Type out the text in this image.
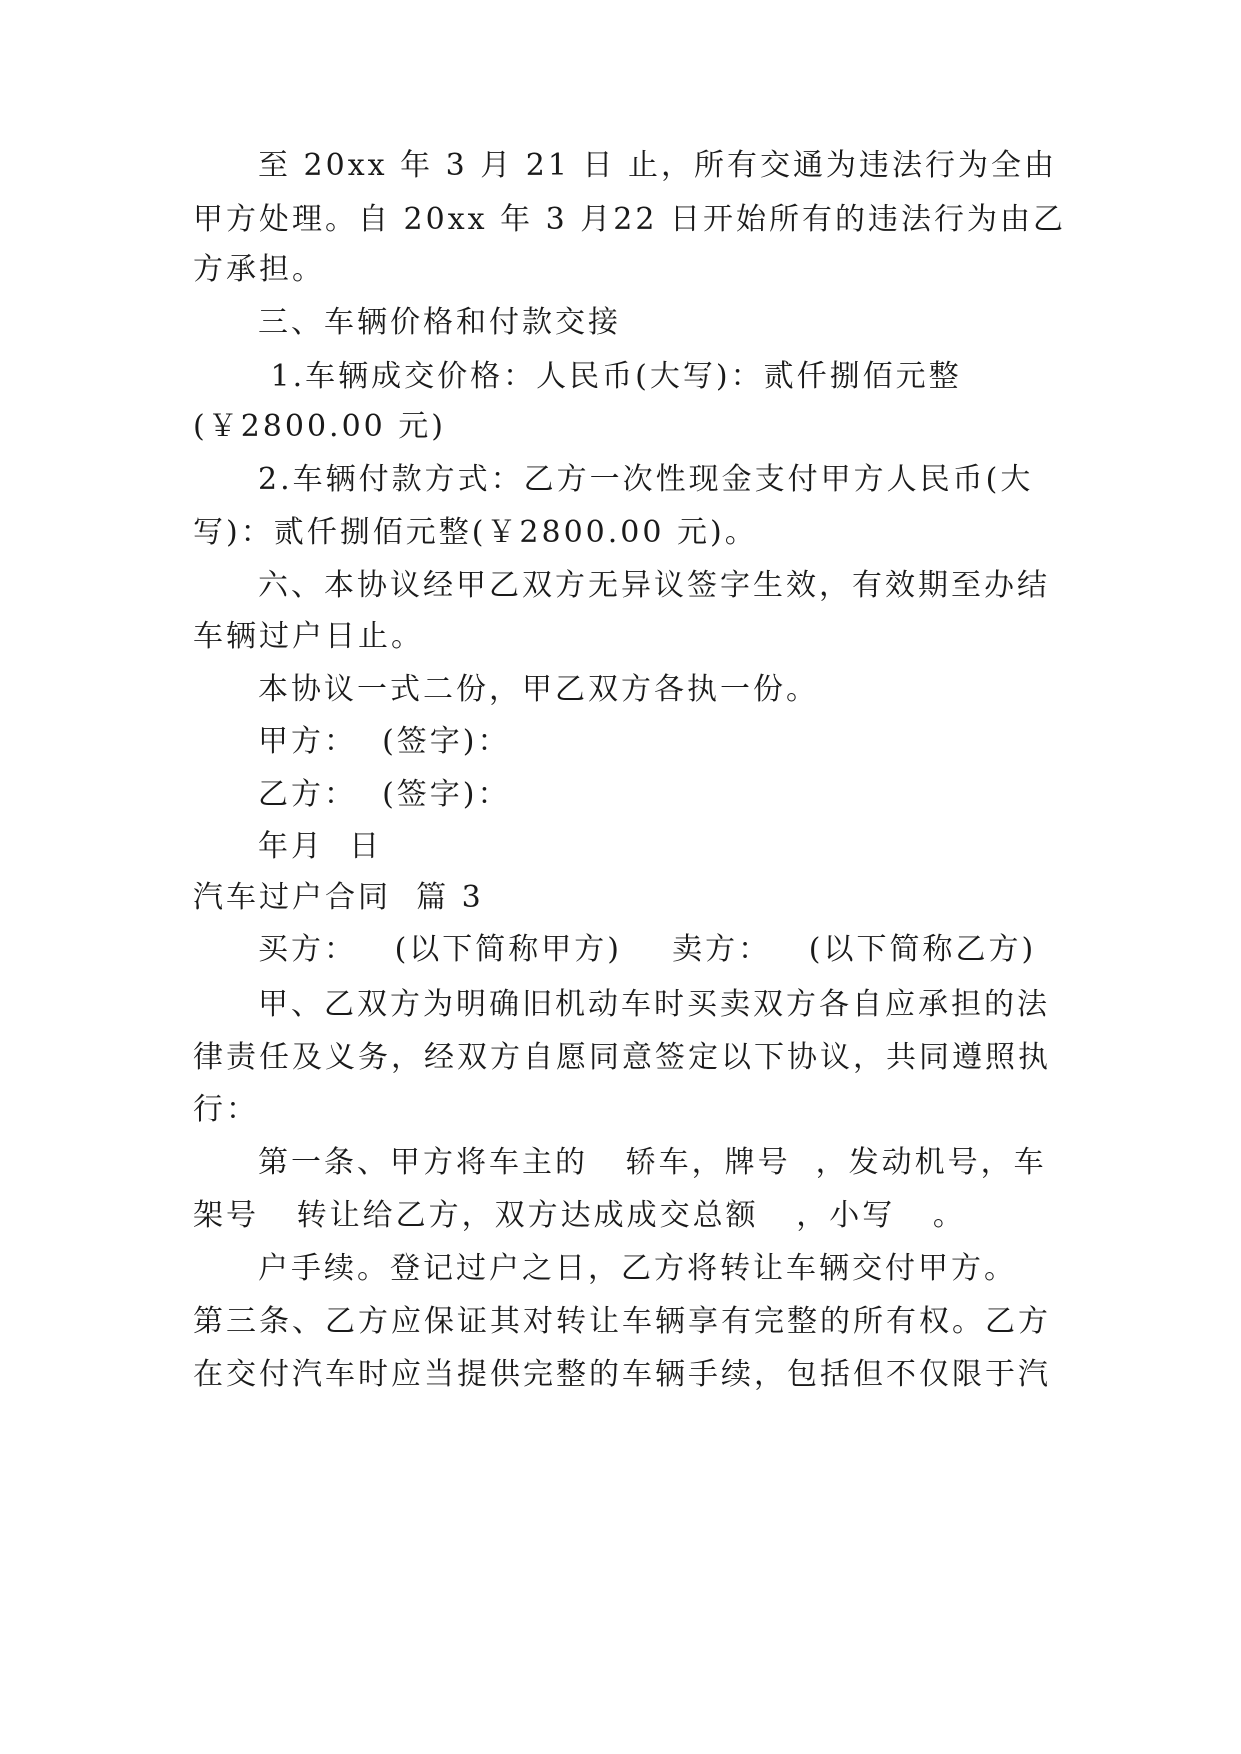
至 20xx 年 3 月 21 日 止，所有交通为违法行为全由
甲方处理。自 20xx 年 3 月22 日开始所有的违法行为由乙
方承担。
三、车辆价格和付款交接
1.车辆成交价格：人民币(大写)：贰仟捌佰元整
(￥2800.00 元)
2.车辆付款方式：乙方一次性现金支付甲方人民币(大
写)：贰仟捌佰元整(￥2800.00 元)。
六、本协议经甲乙双方无异议签字生效，有效期至办结
车辆过户日止。
本协议一式二份，甲乙双方各执一份。
甲方：  (签字)：
乙方：  (签字)：
年月  日
汽车过户合同  篇 3
买方：   (以下简称甲方)    卖方：   (以下简称乙方)
甲、乙双方为明确旧机动车时买卖双方各自应承担的法
律责任及义务，经双方自愿同意签定以下协议，共同遵照执
行：
第一条、甲方将车主的   轿车，牌号  ，发动机号，车
架号   转让给乙方，双方达成成交总额   ，小写   。
户手续。登记过户之日，乙方将转让车辆交付甲方。
第三条、乙方应保证其对转让车辆享有完整的所有权。乙方
在交付汽车时应当提供完整的车辆手续，包括但不仅限于汽
